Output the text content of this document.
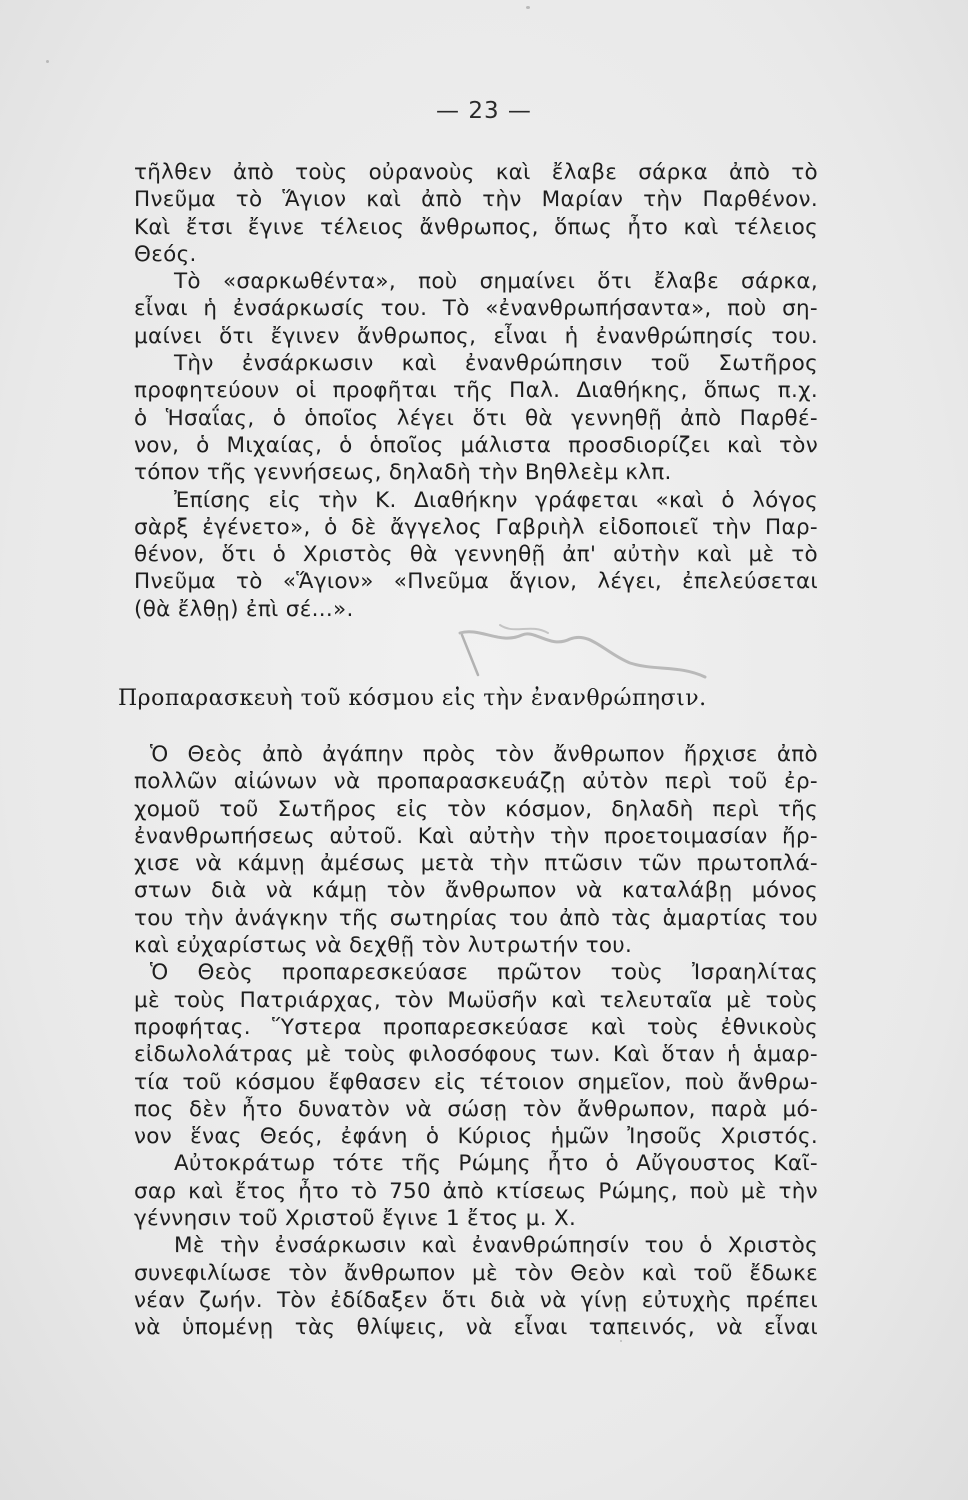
— 23 —
τῆλθεν ἀπὸ τοὺς οὐρανοὺς καὶ ἔλαβε σάρκα ἀπὸ τὸ
Πνεῦμα τὸ Ἅγιον καὶ ἀπὸ τὴν Μαρίαν τὴν Παρθένον.
Καὶ ἔτσι ἔγινε τέλειος ἄνθρωπος, ὅπως ἦτο καὶ τέλειος
Θεός.
Τὸ «σαρκωθέντα», ποὺ σημαίνει ὅτι ἔλαβε σάρκα,
εἶναι ἡ ἐνσάρκωσίς του. Τὸ «ἐνανθρωπήσαντα», ποὺ ση-
μαίνει ὅτι ἔγινεν ἄνθρωπος, εἶναι ἡ ἐνανθρώπησίς του.
Τὴν ἐνσάρκωσιν καὶ ἐνανθρώπησιν τοῦ Σωτῆρος
προφητεύουν οἱ προφῆται τῆς Παλ. Διαθήκης, ὅπως π.χ.
ὁ Ἡσαΐας, ὁ ὁποῖος λέγει ὅτι θὰ γεννηθῇ ἀπὸ Παρθέ-
νον, ὁ Μιχαίας, ὁ ὁποῖος μάλιστα προσδιορίζει καὶ τὸν
τόπον τῆς γεννήσεως, δηλαδὴ τὴν Βηθλεὲμ κλπ.
Ἐπίσης εἰς τὴν Κ. Διαθήκην γράφεται «καὶ ὁ λόγος
σὰρξ ἐγένετο», ὁ δὲ ἄγγελος Γαβριὴλ εἰδοποιεῖ τὴν Παρ-
θένον, ὅτι ὁ Χριστὸς θὰ γεννηθῇ ἀπ' αὐτὴν καὶ μὲ τὸ
Πνεῦμα τὸ «Ἅγιον» «Πνεῦμα ἅγιον, λέγει, ἐπελεύσεται
(θὰ ἔλθῃ) ἐπὶ σέ...».
Προπαρασκευὴ τοῦ κόσμου εἰς τὴν ἐνανθρώπησιν.
Ὁ Θεὸς ἀπὸ ἀγάπην πρὸς τὸν ἄνθρωπον ἤρχισε ἀπὸ
πολλῶν αἰώνων νὰ προπαρασκευάζῃ αὐτὸν περὶ τοῦ ἐρ-
χομοῦ τοῦ Σωτῆρος εἰς τὸν κόσμον, δηλαδὴ περὶ τῆς
ἐνανθρωπήσεως αὐτοῦ. Καὶ αὐτὴν τὴν προετοιμασίαν ἤρ-
χισε νὰ κάμνῃ ἀμέσως μετὰ τὴν πτῶσιν τῶν πρωτοπλά-
στων διὰ νὰ κάμῃ τὸν ἄνθρωπον νὰ καταλάβῃ μόνος
του τὴν ἀνάγκην τῆς σωτηρίας του ἀπὸ τὰς ἁμαρτίας του
καὶ εὐχαρίστως νὰ δεχθῇ τὸν λυτρωτήν του.
Ὁ Θεὸς προπαρεσκεύασε πρῶτον τοὺς Ἰσραηλίτας
μὲ τοὺς Πατριάρχας, τὸν Μωϋσῆν καὶ τελευταῖα μὲ τοὺς
προφήτας. Ὕστερα προπαρεσκεύασε καὶ τοὺς ἐθνικοὺς
εἰδωλολάτρας μὲ τοὺς φιλοσόφους των. Καὶ ὅταν ἡ ἁμαρ-
τία τοῦ κόσμου ἔφθασεν εἰς τέτοιον σημεῖον, ποὺ ἄνθρω-
πος δὲν ἦτο δυνατὸν νὰ σώσῃ τὸν ἄνθρωπον, παρὰ μό-
νον ἕνας Θεός, ἐφάνη ὁ Κύριος ἡμῶν Ἰησοῦς Χριστός.
Αὐτοκράτωρ τότε τῆς Ρώμης ἦτο ὁ Αὔγουστος Καῖ-
σαρ καὶ ἔτος ἦτο τὸ 750 ἀπὸ κτίσεως Ρώμης, ποὺ μὲ τὴν
γέννησιν τοῦ Χριστοῦ ἔγινε 1 ἔτος μ. Χ.
Μὲ τὴν ἐνσάρκωσιν καὶ ἐνανθρώπησίν του ὁ Χριστὸς
συνεφιλίωσε τὸν ἄνθρωπον μὲ τὸν Θεὸν καὶ τοῦ ἔδωκε
νέαν ζωήν. Τὸν ἐδίδαξεν ὅτι διὰ νὰ γίνῃ εὐτυχὴς πρέπει
νὰ ὑπομένῃ τὰς θλίψεις, νὰ εἶναι ταπεινός, νὰ εἶναι
